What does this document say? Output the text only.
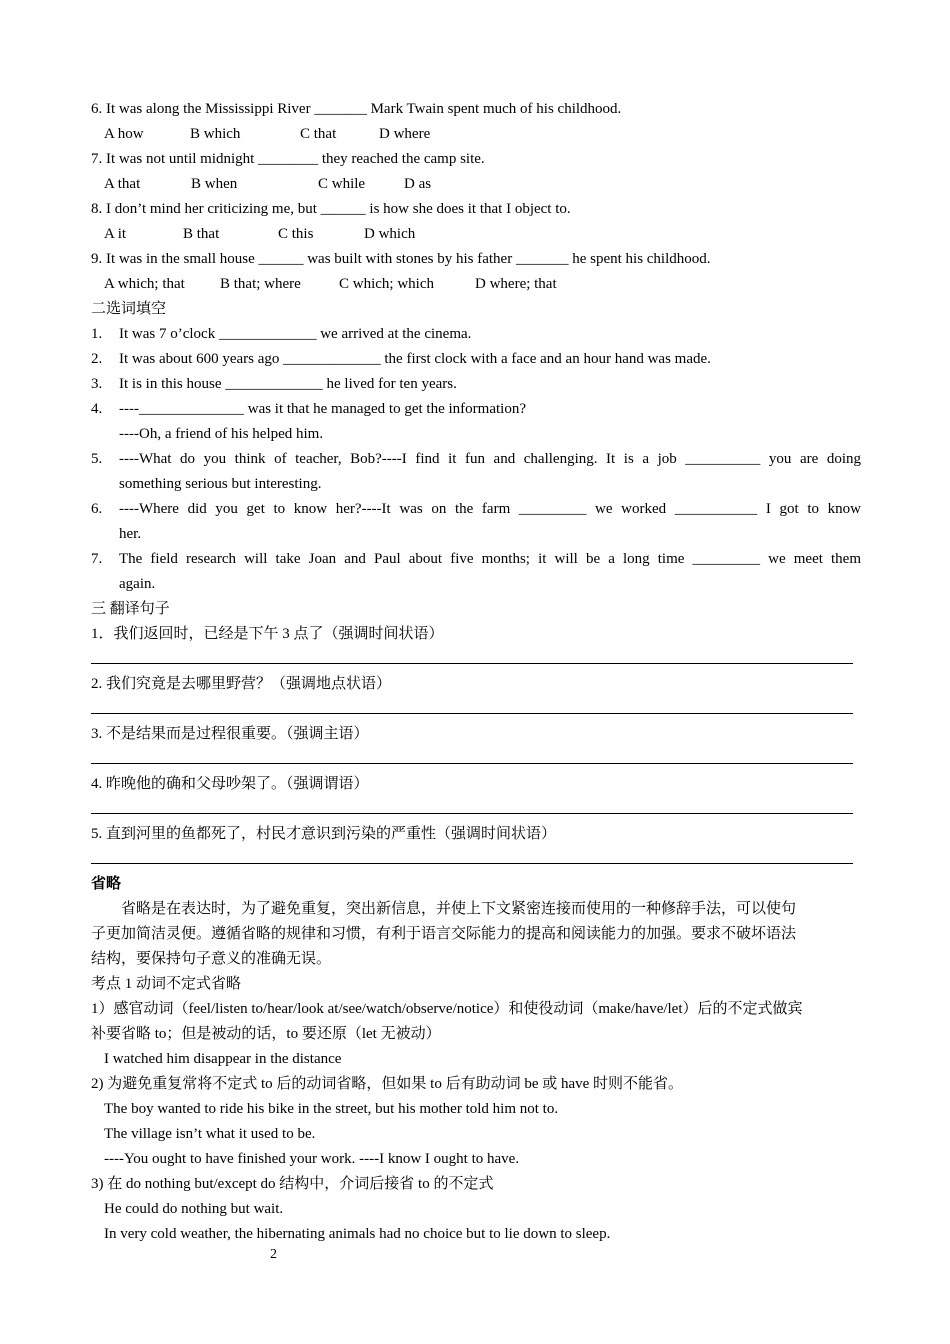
6. It was along the Mississippi River _______ Mark Twain spent much of his childhood.
A how	B which	C that	D where
7. It was not until midnight ________ they reached the camp site.
A that	B when	C while	D as
8. I don’t mind her criticizing me, but ______ is how she does it that I object to.
A it	B that	C this	D which
9. It was in the small house ______ was built with stones by his father _______ he spent his childhood.
A which; that B that; where	C which; which	D where; that
二选词填空
1. It was 7 o’clock _____________ we arrived at the cinema.
2. It was about 600 years ago _____________ the first clock with a face and an hour hand was made.
3. It is in this house _____________ he lived for ten years.
4. ----______________ was it that he managed to get the information?
----Oh, a friend of his helped him.
5. ----What do you think of teacher, Bob?----I find it fun and challenging. It is a job __________ you are doing
something serious but interesting.
6. ----Where did you get to know her?----It was on the farm _________ we worked ___________ I got to know
her.
7. The field research will take Joan and Paul about five months; it will be a long time _________ we meet them
again.
三 翻译句子
1．我们返回时，已经是下午 3 点了（强调时间状语）
2. 我们究竟是去哪里野营？（强调地点状语）
3. 不是结果而是过程很重要。（强调主语）
4. 昨晚他的确和父母吵架了。（强调谓语）
5. 直到河里的鱼都死了，村民才意识到污染的严重性（强调时间状语）
省略
省略是在表达时，为了避免重复，突出新信息，并使上下文紧密连接而使用的一种修辞手法，可以使句
子更加简洁灵便。遵循省略的规律和习惯，有利于语言交际能力的提高和阅读能力的加强。要求不破坏语法
结构，要保持句子意义的准确无误。
考点 1 动词不定式省略
1）感官动词（feel/listen to/hear/look at/see/watch/observe/notice）和使役动词（make/have/let）后的不定式做宾
补要省略 to；但是被动的话，to 要还原（let 无被动）
I watched him disappear in the distance
2) 为避免重复常将不定式 to 后的动词省略，但如果 to 后有助动词 be 或 have 时则不能省。
The boy wanted to ride his bike in the street, but his mother told him not to.
The village isn’t what it used to be.
----You ought to have finished your work. ----I know I ought to have.
3) 在 do nothing but/except do 结构中，介词后接省 to 的不定式
He could do nothing but wait.
In very cold weather, the hibernating animals had no choice but to lie down to sleep.
2
